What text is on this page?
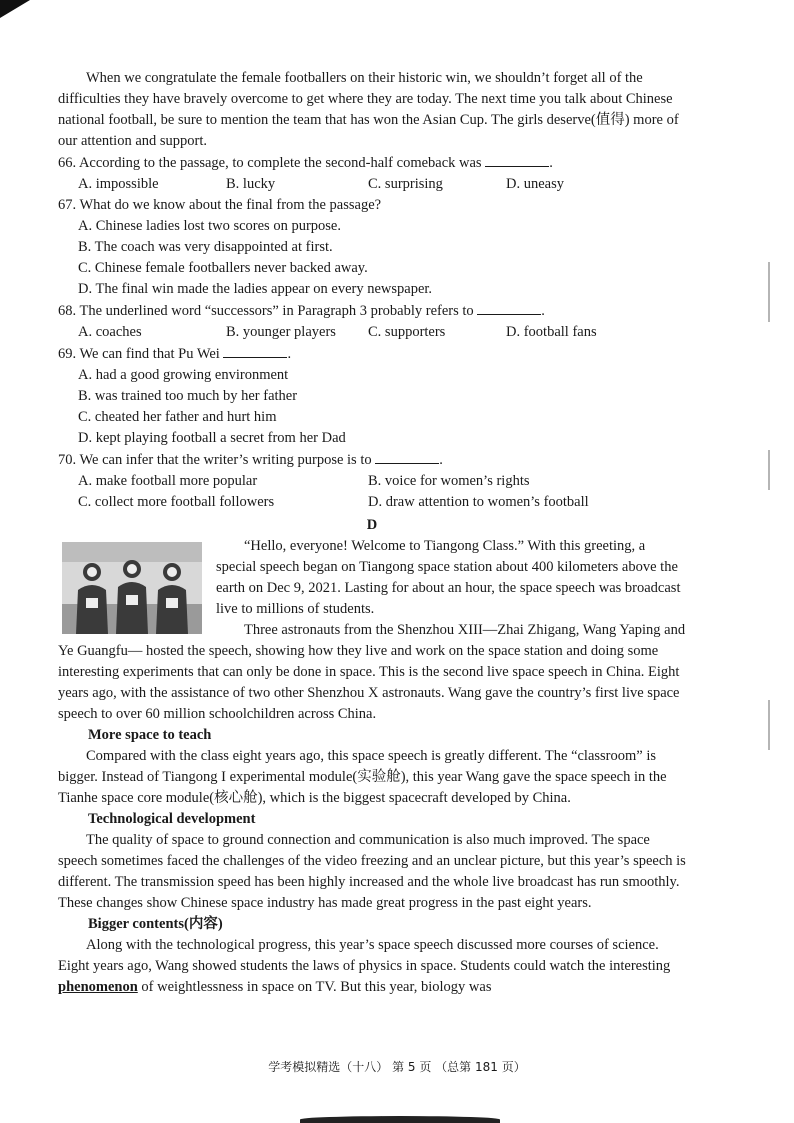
When we congratulate the female footballers on their historic win, we shouldn’t forget all of the difficulties they have bravely overcome to get where they are today. The next time you talk about Chinese national football, be sure to mention the team that has won the Asian Cup. The girls deserve(值得) more of our attention and support.

66. According to the passage, to complete the second-half comeback was	.

A. impossible	B. lucky	C. surprising	D. uneasy

67. What do we know about the final from the passage?

A. Chinese ladies lost two scores on purpose.

B. The coach was very disappointed at first.

C. Chinese female footballers never backed away.

D. The final win made the ladies appear on every newspaper.

68. The underlined word “successors” in Paragraph 3 probably refers to	.

A. coaches	B. younger players	C. supporters	D. football fans

69. We can find that Pu Wei	.

A. had a good growing environment

B. was trained too much by her father

C. cheated her father and hurt him

D. kept playing football a secret from her Dad

70. We can infer that the writer’s writing purpose is to	.

A. make football more popular	B. voice for women’s rights
C. collect more football followers	D. draw attention to women’s football

D

“Hello, everyone! Welcome to Tiangong Class.” With this greeting, a special speech began on Tiangong space station about 400 kilometers above the earth on Dec 9, 2021. Lasting for about an hour, the space speech was broadcast live to millions of students.

Three astronauts from the Shenzhou XIII—Zhai Zhigang, Wang Yaping and Ye Guangfu— hosted the speech, showing how they live and work on the space station and doing some interesting experiments that can only be done in space. This is the second live space speech in China. Eight years ago, with the assistance of two other Shenzhou X astronauts. Wang gave the country’s first live space speech to over 60 million schoolchildren across China.

More space to teach

Compared with the class eight years ago, this space speech is greatly different. The “classroom” is bigger. Instead of Tiangong I experimental module(实验舱), this year Wang gave the space speech in the Tianhe space core module(核心舱), which is the biggest spacecraft developed by China.

Technological development

The quality of space to ground connection and communication is also much improved. The space speech sometimes faced the challenges of the video freezing and an unclear picture, but this year’s speech is different. The transmission speed has been highly increased and the whole live broadcast has run smoothly. These changes show Chinese space industry has made great progress in the past eight years.

Bigger contents(内容)

Along with the technological progress, this year’s space speech discussed more courses of science. Eight years ago, Wang showed students the laws of physics in space. Students could watch the interesting phenomenon of weightlessness in space on TV. But this year, biology was

学考模拟精选（十八） 第 5 页 （总第 181 页）
